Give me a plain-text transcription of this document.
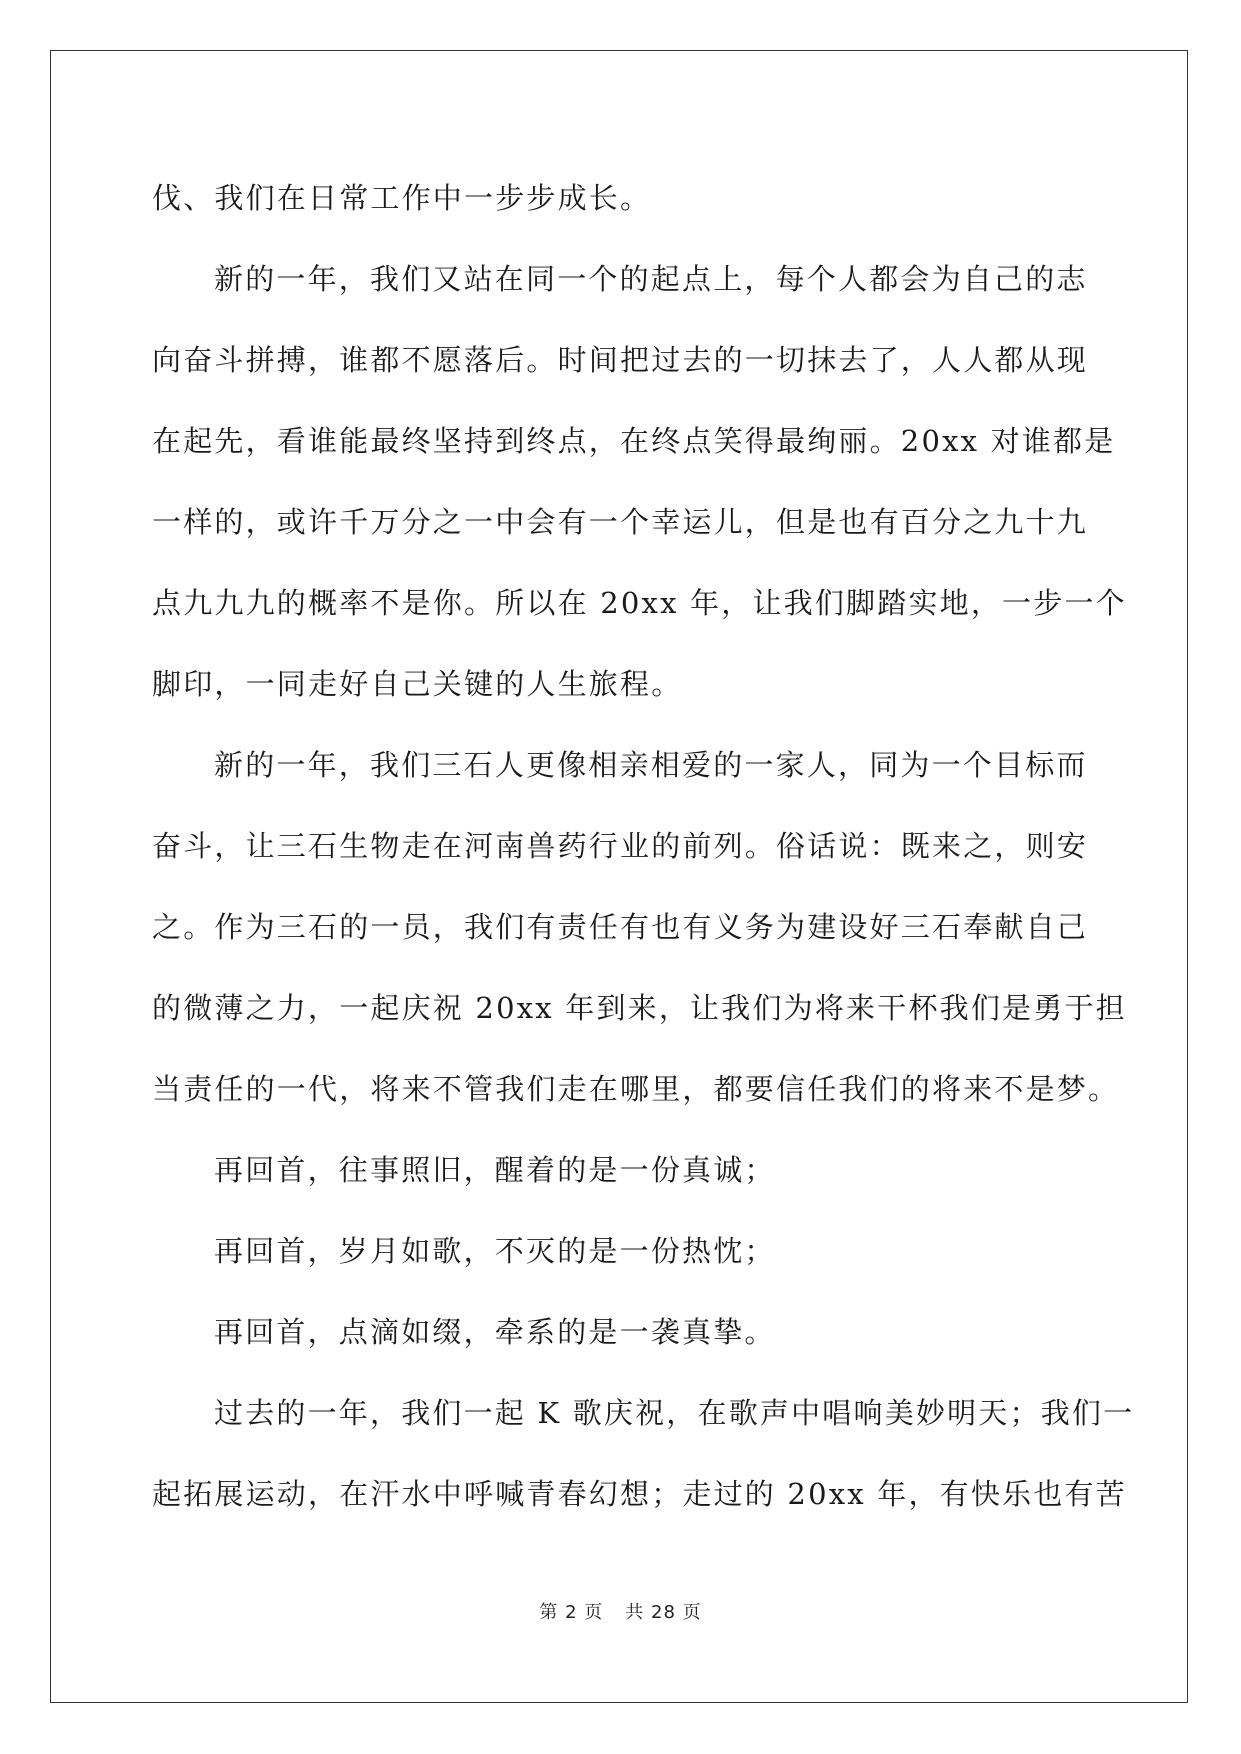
伐、我们在日常工作中一步步成长。

新的一年，我们又站在同一个的起点上，每个人都会为自己的志

向奋斗拼搏，谁都不愿落后。时间把过去的一切抹去了，人人都从现

在起先，看谁能最终坚持到终点，在终点笑得最绚丽。20xx 对谁都是

一样的，或许千万分之一中会有一个幸运儿，但是也有百分之九十九

点九九九的概率不是你。所以在 20xx 年，让我们脚踏实地，一步一个

脚印，一同走好自己关键的人生旅程。

新的一年，我们三石人更像相亲相爱的一家人，同为一个目标而

奋斗，让三石生物走在河南兽药行业的前列。俗话说：既来之，则安

之。作为三石的一员，我们有责任有也有义务为建设好三石奉献自己

的微薄之力，一起庆祝 20xx 年到来，让我们为将来干杯我们是勇于担

当责任的一代，将来不管我们走在哪里，都要信任我们的将来不是梦。

再回首，往事照旧，醒着的是一份真诚；

再回首，岁月如歌，不灭的是一份热忱；

再回首，点滴如缀，牵系的是一袭真挚。

过去的一年，我们一起 K 歌庆祝，在歌声中唱响美妙明天；我们一

起拓展运动，在汗水中呼喊青春幻想；走过的 20xx 年，有快乐也有苦

第 2 页 共 28 页
